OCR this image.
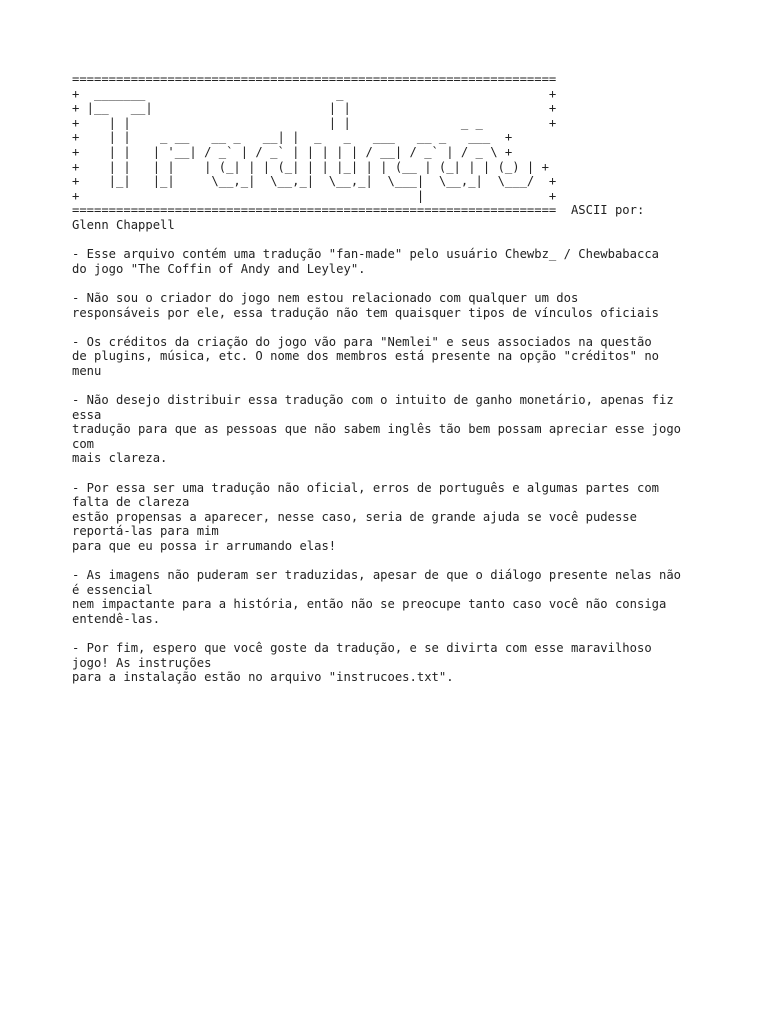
==================================================================
+  _______                          _                            +
+ |__   __|                        | |                           +
+    | |                           | |               _ _         +
+    | |    _ __   __ _   __| |  _   _   ___   __ _   ___  +
+    | |   | '__| / _` | / _` | | | | | / __| / _` | / _ \ +
+    | |   | |    | (_| | | (_| | | |_| | | (__ | (_| | | (_) | +
+    |_|   |_|     \__,_|  \__,_|  \__,_|  \___|  \__,_|  \___/  +
+                                              |                 +
==================================================================  ASCII por:
Glenn Chappell
- Esse arquivo contém uma tradução "fan-made" pelo usuário Chewbz_ / Chewbabacca
do jogo "The Coffin of Andy and Leyley".
- Não sou o criador do jogo nem estou relacionado com qualquer um dos
responsáveis por ele, essa tradução não tem quaisquer tipos de vínculos oficiais
- Os créditos da criação do jogo vão para "Nemlei" e seus associados na questão
de plugins, música, etc. O nome dos membros está presente na opção "créditos" no
menu
- Não desejo distribuir essa tradução com o intuito de ganho monetário, apenas fiz
essa
tradução para que as pessoas que não sabem inglês tão bem possam apreciar esse jogo
com
mais clareza.
- Por essa ser uma tradução não oficial, erros de português e algumas partes com
falta de clareza
estão propensas a aparecer, nesse caso, seria de grande ajuda se você pudesse
reportá-las para mim
para que eu possa ir arrumando elas!
- As imagens não puderam ser traduzidas, apesar de que o diálogo presente nelas não
é essencial
nem impactante para a história, então não se preocupe tanto caso você não consiga
entendê-las.
- Por fim, espero que você goste da tradução, e se divirta com esse maravilhoso
jogo! As instruções
para a instalação estão no arquivo "instrucoes.txt".
